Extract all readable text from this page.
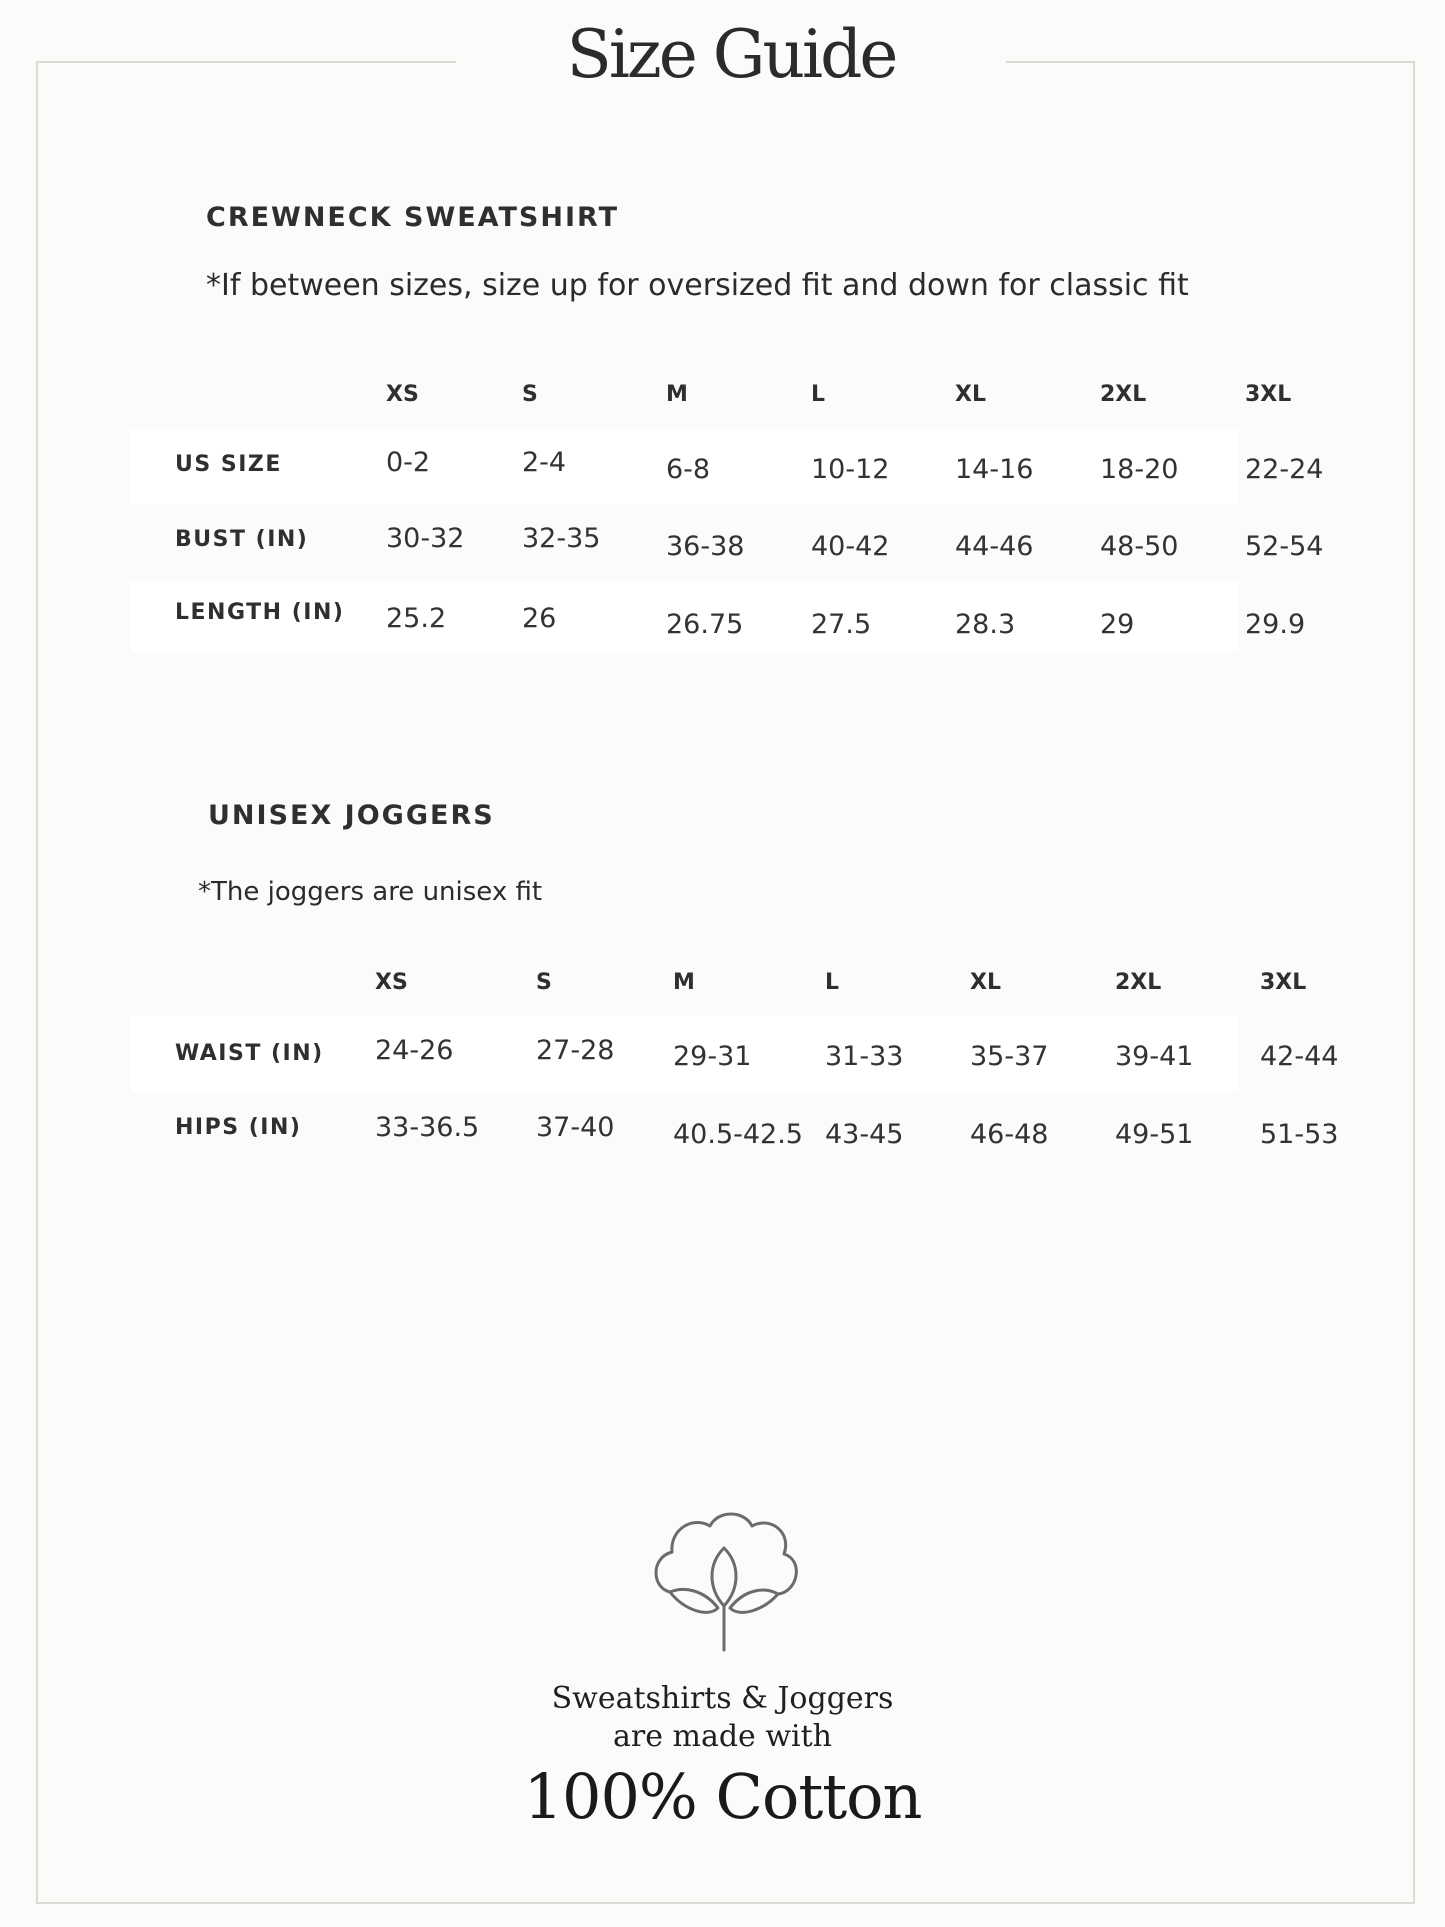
Size Guide
CREWNECK SWEATSHIRT

*If between sizes, size up for oversized fit and down for classic fit

XS	S	M	L	XL	2XL	3XL
US SIZE	0-2	2-4	6-8	10-12 14-16 18-20 22-24
BUST (IN)	30-32 32-35 36-38 40-42 44-46 48-50 52-54
LENGTH (IN) 25.2	26	26.75	27.5	28.3	29	29.9
UNISEX JOGGERS

*The joggers are unisex fit

XS	S	M	L	XL	2XL	3XL
WAIST (IN) 24-26	27-28 29-31	31-33 35-37 39-41 42-44
HIPS (IN)	33-36.5 37-40 40.5-42.5 43-45 46-48 49-51 51-53
Sweatshirts & Joggers
are made with
100% Cotton
